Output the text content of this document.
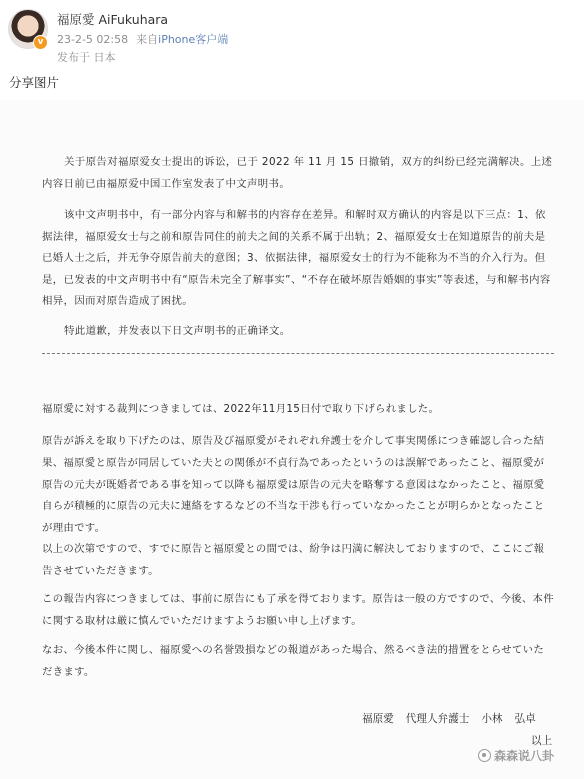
v
福原愛 AiFukuhara
23-2-5 02:58 来自iPhone客户端
发布于 日本
分享图片
关于原告对福原爱女士提出的诉讼，已于 2022 年 11 月 15 日撤销，双方的纠纷已经完满解决。上述内容日前已由福原爱中国工作室发表了中文声明书。
该中文声明书中，有一部分内容与和解书的内容存在差异。和解时双方确认的内容是以下三点：1、依据法律，福原爱女士与之前和原告同住的前夫之间的关系不属于出轨；2、福原爱女士在知道原告的前夫是已婚人士之后，并无争夺原告前夫的意图；3、依据法律，福原爱女士的行为不能称为不当的介入行为。但是，已发表的中文声明书中有“原告未完全了解事实”、“不存在破坏原告婚姻的事实”等表述，与和解书内容相异，因而对原告造成了困扰。
特此道歉，并发表以下日文声明书的正确译文。
福原愛に対する裁判につきましては、2022年11月15日付で取り下げられました。
原告が訴えを取り下げたのは、原告及び福原愛がそれぞれ弁護士を介して事実関係につき確認し合った結果、福原愛と原告が同居していた夫との関係が不貞行為であったというのは誤解であったこと、福原愛が原告の元夫が既婚者である事を知って以降も福原愛は原告の元夫を略奪する意図はなかったこと、福原愛自らが積極的に原告の元夫に連絡をするなどの不当な干渉も行っていなかったことが明らかとなったことが理由です。
以上の次第ですので、すでに原告と福原愛との間では、紛争は円満に解決しておりますので、ここにご報告させていただきます。
この報告内容につきましては、事前に原告にも了承を得ております。原告は一般の方ですので、今後、本件に関する取材は厳に慎んでいただけますようお願い申し上げます。
なお、今後本件に関し、福原愛への名誉毀損などの報道があった場合、然るべき法的措置をとらせていただきます。
福原愛 代理人弁護士 小林 弘卓
以上
森森说八卦
